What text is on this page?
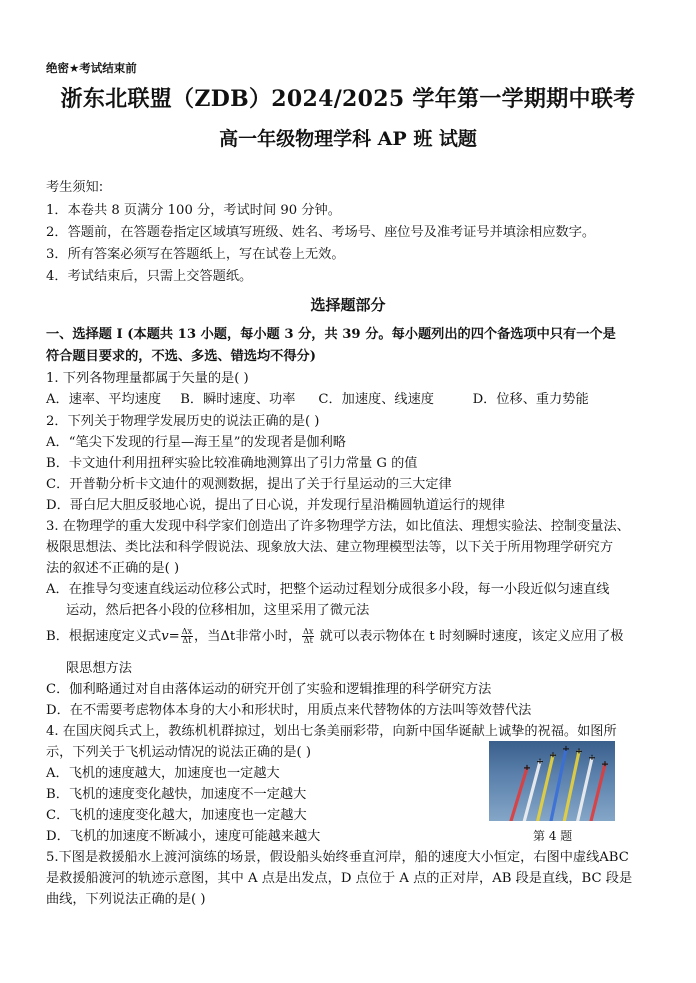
绝密★考试结束前
浙东北联盟（ZDB）2024/2025 学年第一学期期中联考
高一年级物理学科 AP 班 试题
考生须知:
1．本卷共 8 页满分 100 分，考试时间 90 分钟。
2．答题前，在答题卷指定区域填写班级、姓名、考场号、座位号及准考证号并填涂相应数字。
3．所有答案必须写在答题纸上，写在试卷上无效。
4．考试结束后，只需上交答题纸。
选择题部分
一、选择题 I (本题共 13 小题，每小题 3 分，共 39 分。每小题列出的四个备选项中只有一个是
符合题目要求的，不选、多选、错选均不得分)
1. 下列各物理量都属于矢量的是( )
A．速率、平均速度 B．瞬时速度、功率 C．加速度、线速度	D．位移、重力势能
2．下列关于物理学发展历史的说法正确的是( )
A．“笔尖下发现的行星—海王星”的发现者是伽利略
B．卡文迪什利用扭秤实验比较准确地测算出了引力常量 G 的值
C．开普勒分析卡文迪什的观测数据，提出了关于行星运动的三大定律
D．哥白尼大胆反驳地心说，提出了日心说，并发现行星沿椭圆轨道运行的规律
3. 在物理学的重大发现中科学家们创造出了许多物理学方法，如比值法、理想实验法、控制变量法、
极限思想法、类比法和科学假说法、现象放大法、建立物理模型法等，以下关于所用物理学研究方
法的叙述不正确的是( )
A．在推导匀变速直线运动位移公式时，把整个运动过程划分成很多小段，每一小段近似匀速直线
运动，然后把各小段的位移相加，这里采用了微元法
B．根据速度定义式$v= \frac{\Delta x}{\Delta t}$ ，当Δt非常小时， $\frac{\Delta x}{\Delta t}$ 就可以表示物体在 t 时刻瞬时速度，该定义应用了极
限思想方法
C．伽利略通过对自由落体运动的研究开创了实验和逻辑推理的科学研究方法
D．在不需要考虑物体本身的大小和形状时，用质点来代替物体的方法叫等效替代法
4. 在国庆阅兵式上，教练机机群掠过，划出七条美丽彩带，向新中国华诞献上诚挚的祝福。如图所
示，下列关于飞机运动情况的说法正确的是( )
A．飞机的速度越大，加速度也一定越大
B．飞机的速度变化越快，加速度不一定越大
C．飞机的速度变化越大，加速度也一定越大
D．飞机的加速度不断减小，速度可能越来越大	第 4 题
5.下图是救援船水上渡河演练的场景，假设船头始终垂直河岸，船的速度大小恒定，右图中虚线ABC
是救援船渡河的轨迹示意图，其中 A 点是出发点，D 点位于 A 点的正对岸，AB 段是直线，BC 段是
曲线，下列说法正确的是( )
